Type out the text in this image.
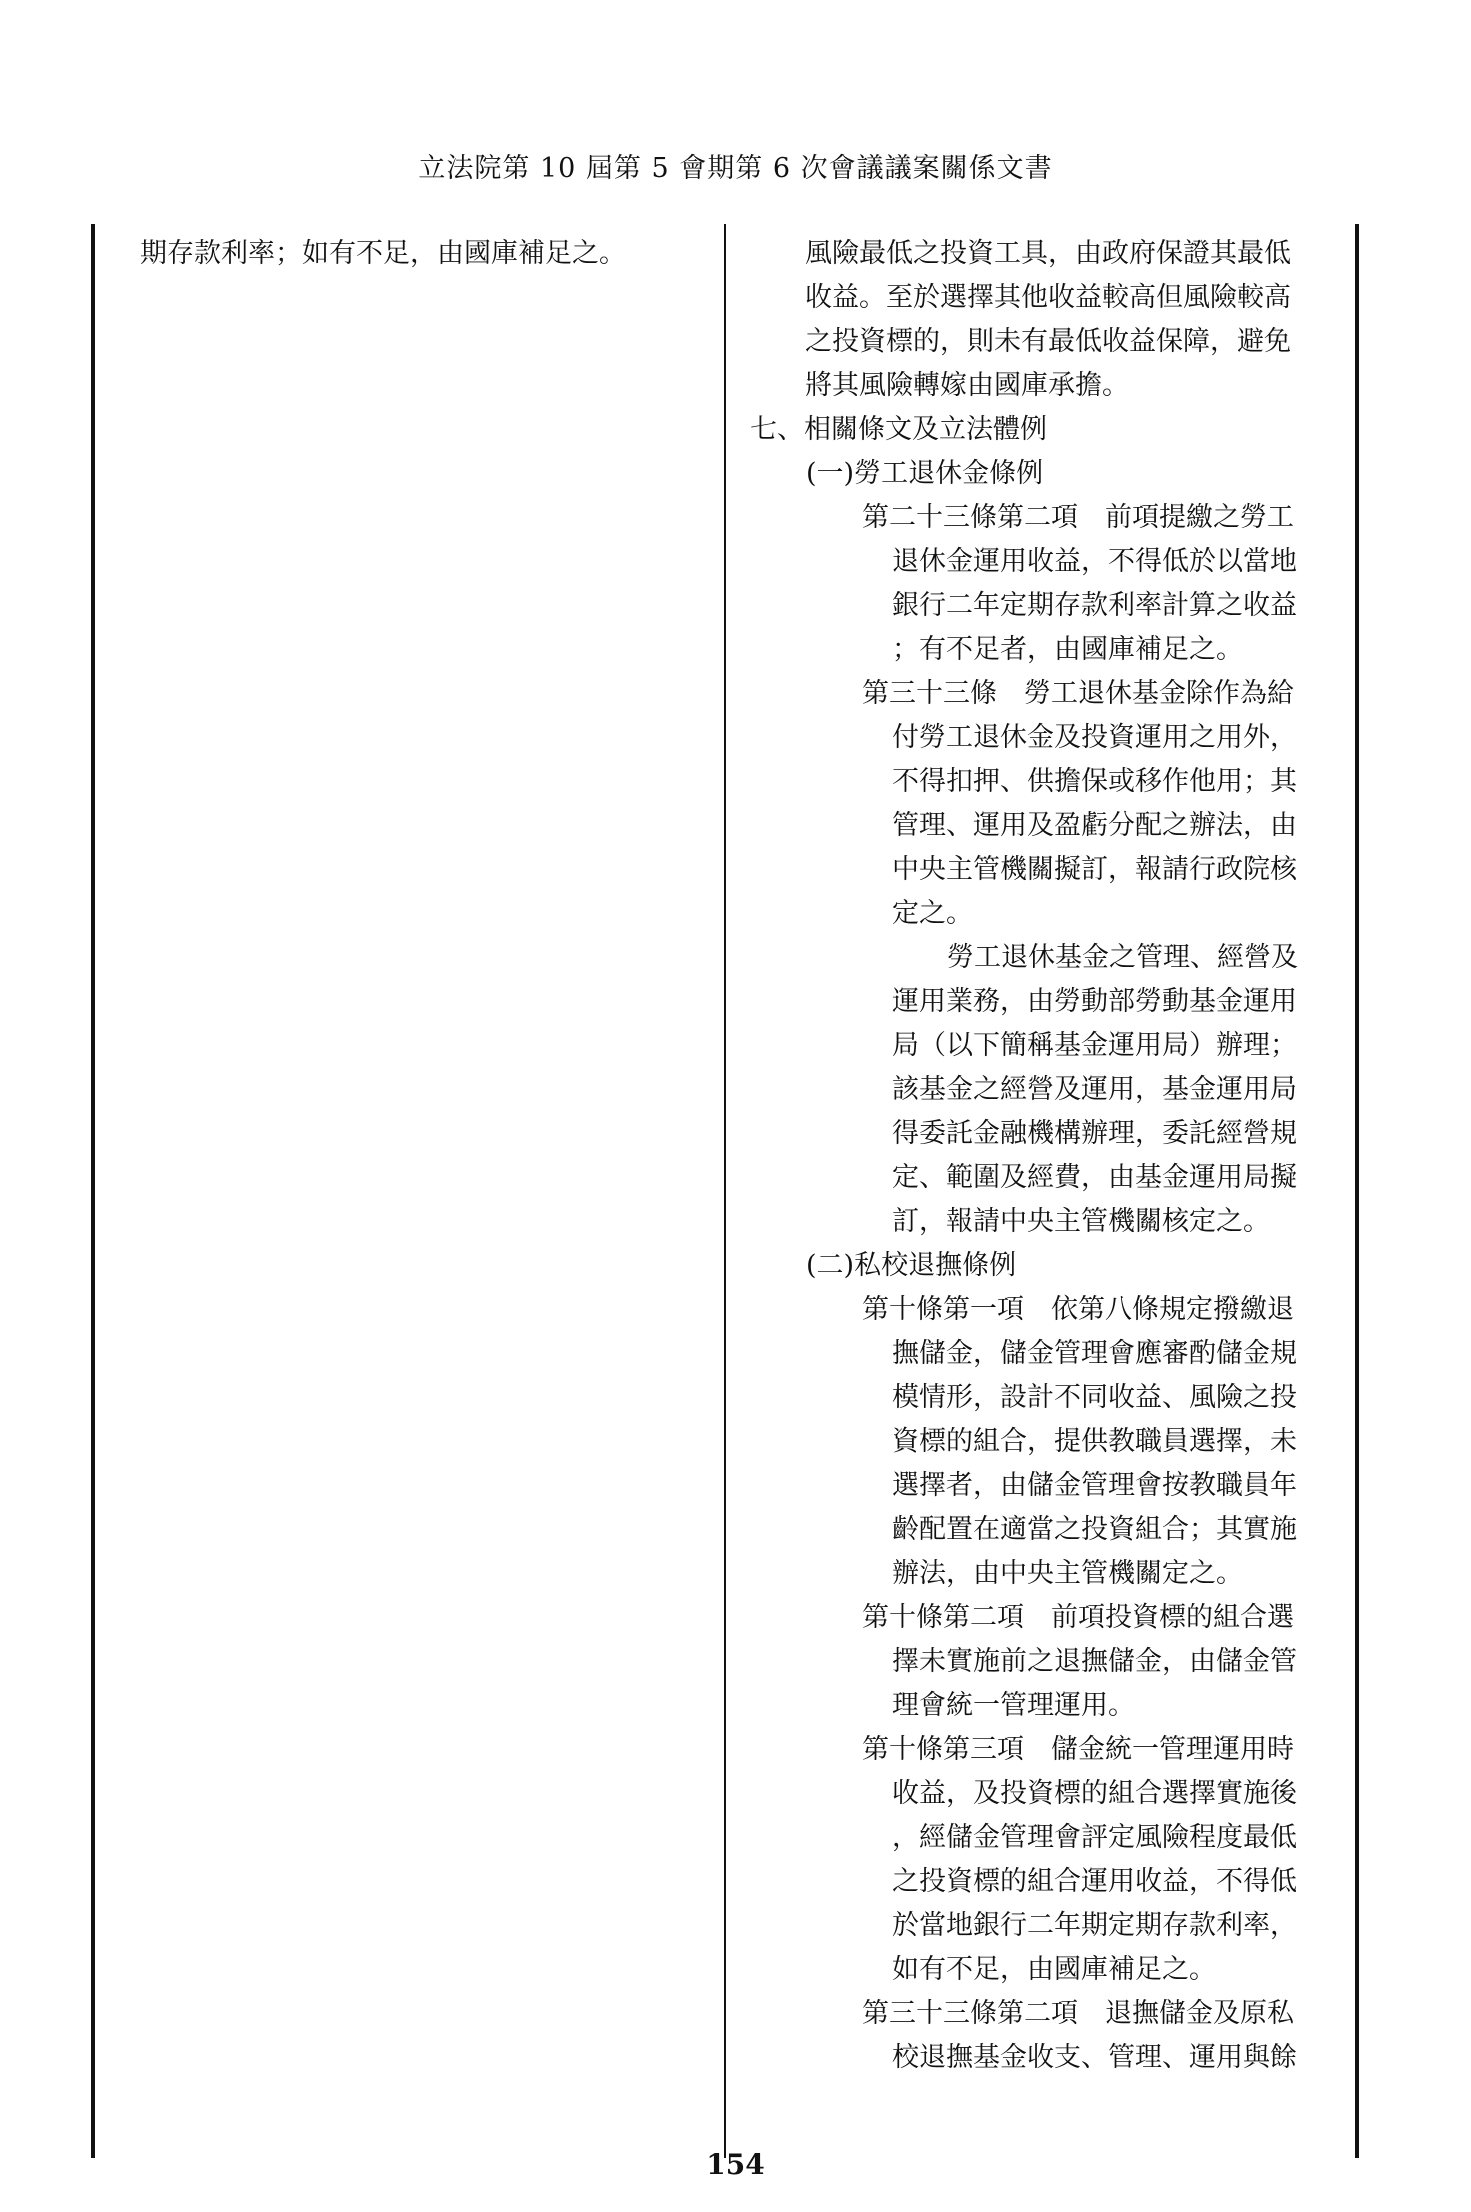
立法院第 10 屆第 5 會期第 6 次會議議案關係文書

期存款利率；如有不足，由國庫補足之。	風險最低之投資工具，由政府保證其最低

收益。至於選擇其他收益較高但風險較高

之投資標的，則未有最低收益保障，避免

將其風險轉嫁由國庫承擔。

七、相關條文及立法體例

(一)勞工退休金條例

第二十三條第二項　前項提繳之勞工

退休金運用收益，不得低於以當地

銀行二年定期存款利率計算之收益

；有不足者，由國庫補足之。

第三十三條　勞工退休基金除作為給

付勞工退休金及投資運用之用外，

不得扣押、供擔保或移作他用；其

管理、運用及盈虧分配之辦法，由

中央主管機關擬訂，報請行政院核

定之。

勞工退休基金之管理、經營及

運用業務，由勞動部勞動基金運用

局（以下簡稱基金運用局）辦理；

該基金之經營及運用，基金運用局

得委託金融機構辦理，委託經營規

定、範圍及經費，由基金運用局擬

訂，報請中央主管機關核定之。

(二)私校退撫條例

第十條第一項　依第八條規定撥繳退

撫儲金，儲金管理會應審酌儲金規

模情形，設計不同收益、風險之投

資標的組合，提供教職員選擇，未

選擇者，由儲金管理會按教職員年

齡配置在適當之投資組合；其實施

辦法，由中央主管機關定之。

第十條第二項　前項投資標的組合選

擇未實施前之退撫儲金，由儲金管

理會統一管理運用。

第十條第三項　儲金統一管理運用時

收益，及投資標的組合選擇實施後

，經儲金管理會評定風險程度最低

之投資標的組合運用收益，不得低

於當地銀行二年期定期存款利率，

如有不足，由國庫補足之。

第三十三條第二項　退撫儲金及原私

校退撫基金收支、管理、運用與餘

154
